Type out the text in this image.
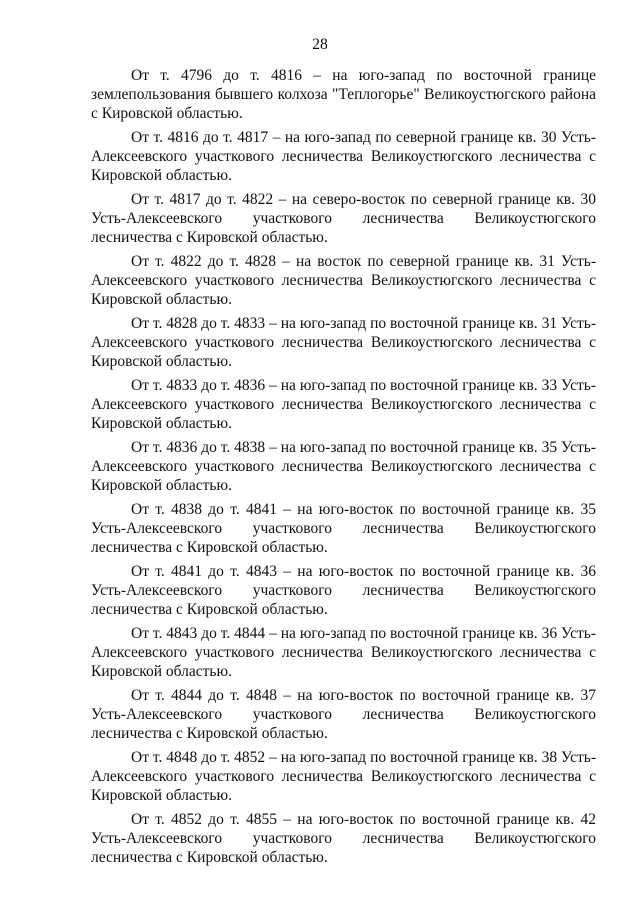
28

От т. 4796 до т. 4816 – на юго-запад по восточной границе землепользования бывшего колхоза "Теплогорье" Великоустюгского района с Кировской областью.

От т. 4816 до т. 4817 – на юго-запад по северной границе кв. 30 Усть-Алексеевского участкового лесничества Великоустюгского лесничества с Кировской областью.

От т. 4817 до т. 4822 – на северо-восток по северной границе кв. 30 Усть-Алексеевского участкового лесничества Великоустюгского лесничества с Кировской областью.

От т. 4822 до т. 4828 – на восток по северной границе кв. 31 Усть-Алексеевского участкового лесничества Великоустюгского лесничества с Кировской областью.

От т. 4828 до т. 4833 – на юго-запад по восточной границе кв. 31 Усть-Алексеевского участкового лесничества Великоустюгского лесничества с Кировской областью.

От т. 4833 до т. 4836 – на юго-запад по восточной границе кв. 33 Усть-Алексеевского участкового лесничества Великоустюгского лесничества с Кировской областью.

От т. 4836 до т. 4838 – на юго-запад по восточной границе кв. 35 Усть-Алексеевского участкового лесничества Великоустюгского лесничества с Кировской областью.

От т. 4838 до т. 4841 – на юго-восток по восточной границе кв. 35 Усть-Алексеевского участкового лесничества Великоустюгского лесничества с Кировской областью.

От т. 4841 до т. 4843 – на юго-восток по восточной границе кв. 36 Усть-Алексеевского участкового лесничества Великоустюгского лесничества с Кировской областью.

От т. 4843 до т. 4844 – на юго-запад по восточной границе кв. 36 Усть-Алексеевского участкового лесничества Великоустюгского лесничества с Кировской областью.

От т. 4844 до т. 4848 – на юго-восток по восточной границе кв. 37 Усть-Алексеевского участкового лесничества Великоустюгского лесничества с Кировской областью.

От т. 4848 до т. 4852 – на юго-запад по восточной границе кв. 38 Усть-Алексеевского участкового лесничества Великоустюгского лесничества с Кировской областью.

От т. 4852 до т. 4855 – на юго-восток по восточной границе кв. 42 Усть-Алексеевского участкового лесничества Великоустюгского лесничества с Кировской областью.
